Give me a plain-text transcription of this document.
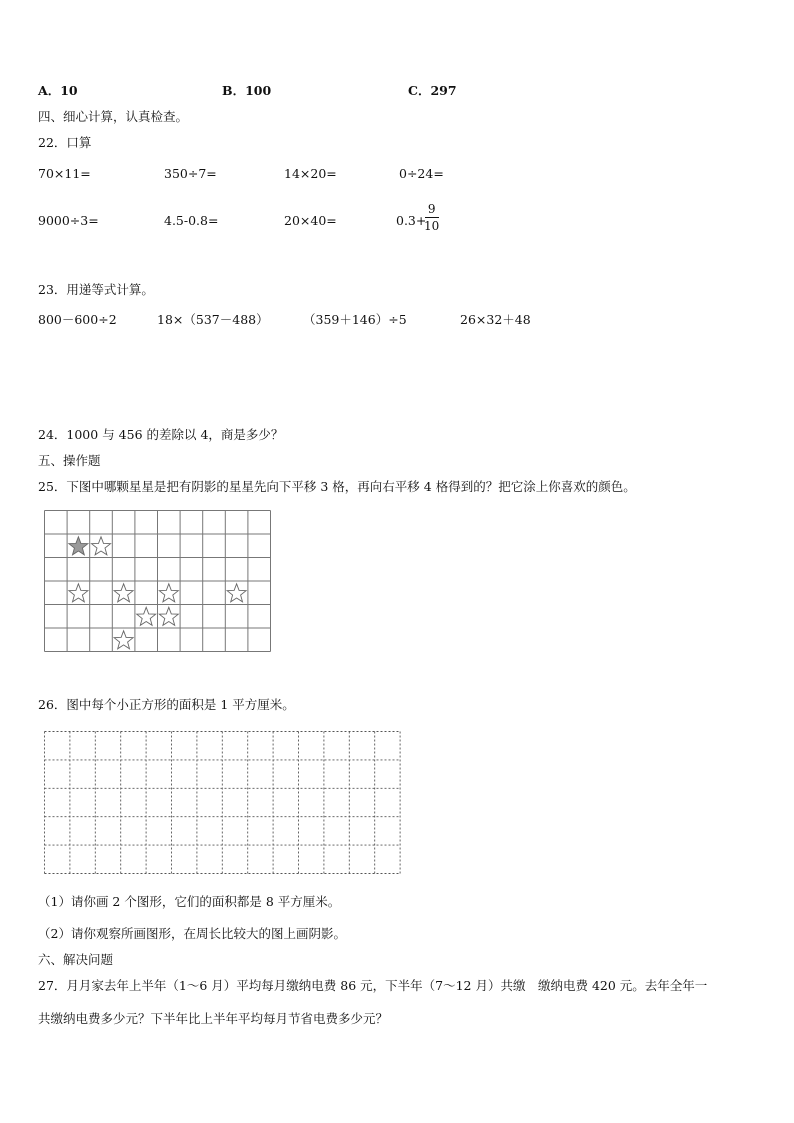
A．10	B．100	C．297
四、细心计算，认真检查。
22．口算
70×11=	350÷7=	14×20=	0÷24=
9000÷3=	4.5-0.8=	20×40=	0.3+
9
10
23．用递等式计算。
800－600÷2	18×（537－488）	（359＋146）÷5	26×32＋48
24．1000 与 456 的差除以 4，商是多少？
五、操作题
25．下图中哪颗星星是把有阴影的星星先向下平移 3 格，再向右平移 4 格得到的？把它涂上你喜欢的颜色。
26．图中每个小正方形的面积是 1 平方厘米。
（1）请你画 2 个图形，它们的面积都是 8 平方厘米。
（2）请你观察所画图形，在周长比较大的图上画阴影。
六、解决问题
27．月月家去年上半年（1～6 月）平均每月缴纳电费 86 元，下半年（7～12 月）共缴　缴纳电费 420 元。去年全年一
共缴纳电费多少元？下半年比上半年平均每月节省电费多少元？
